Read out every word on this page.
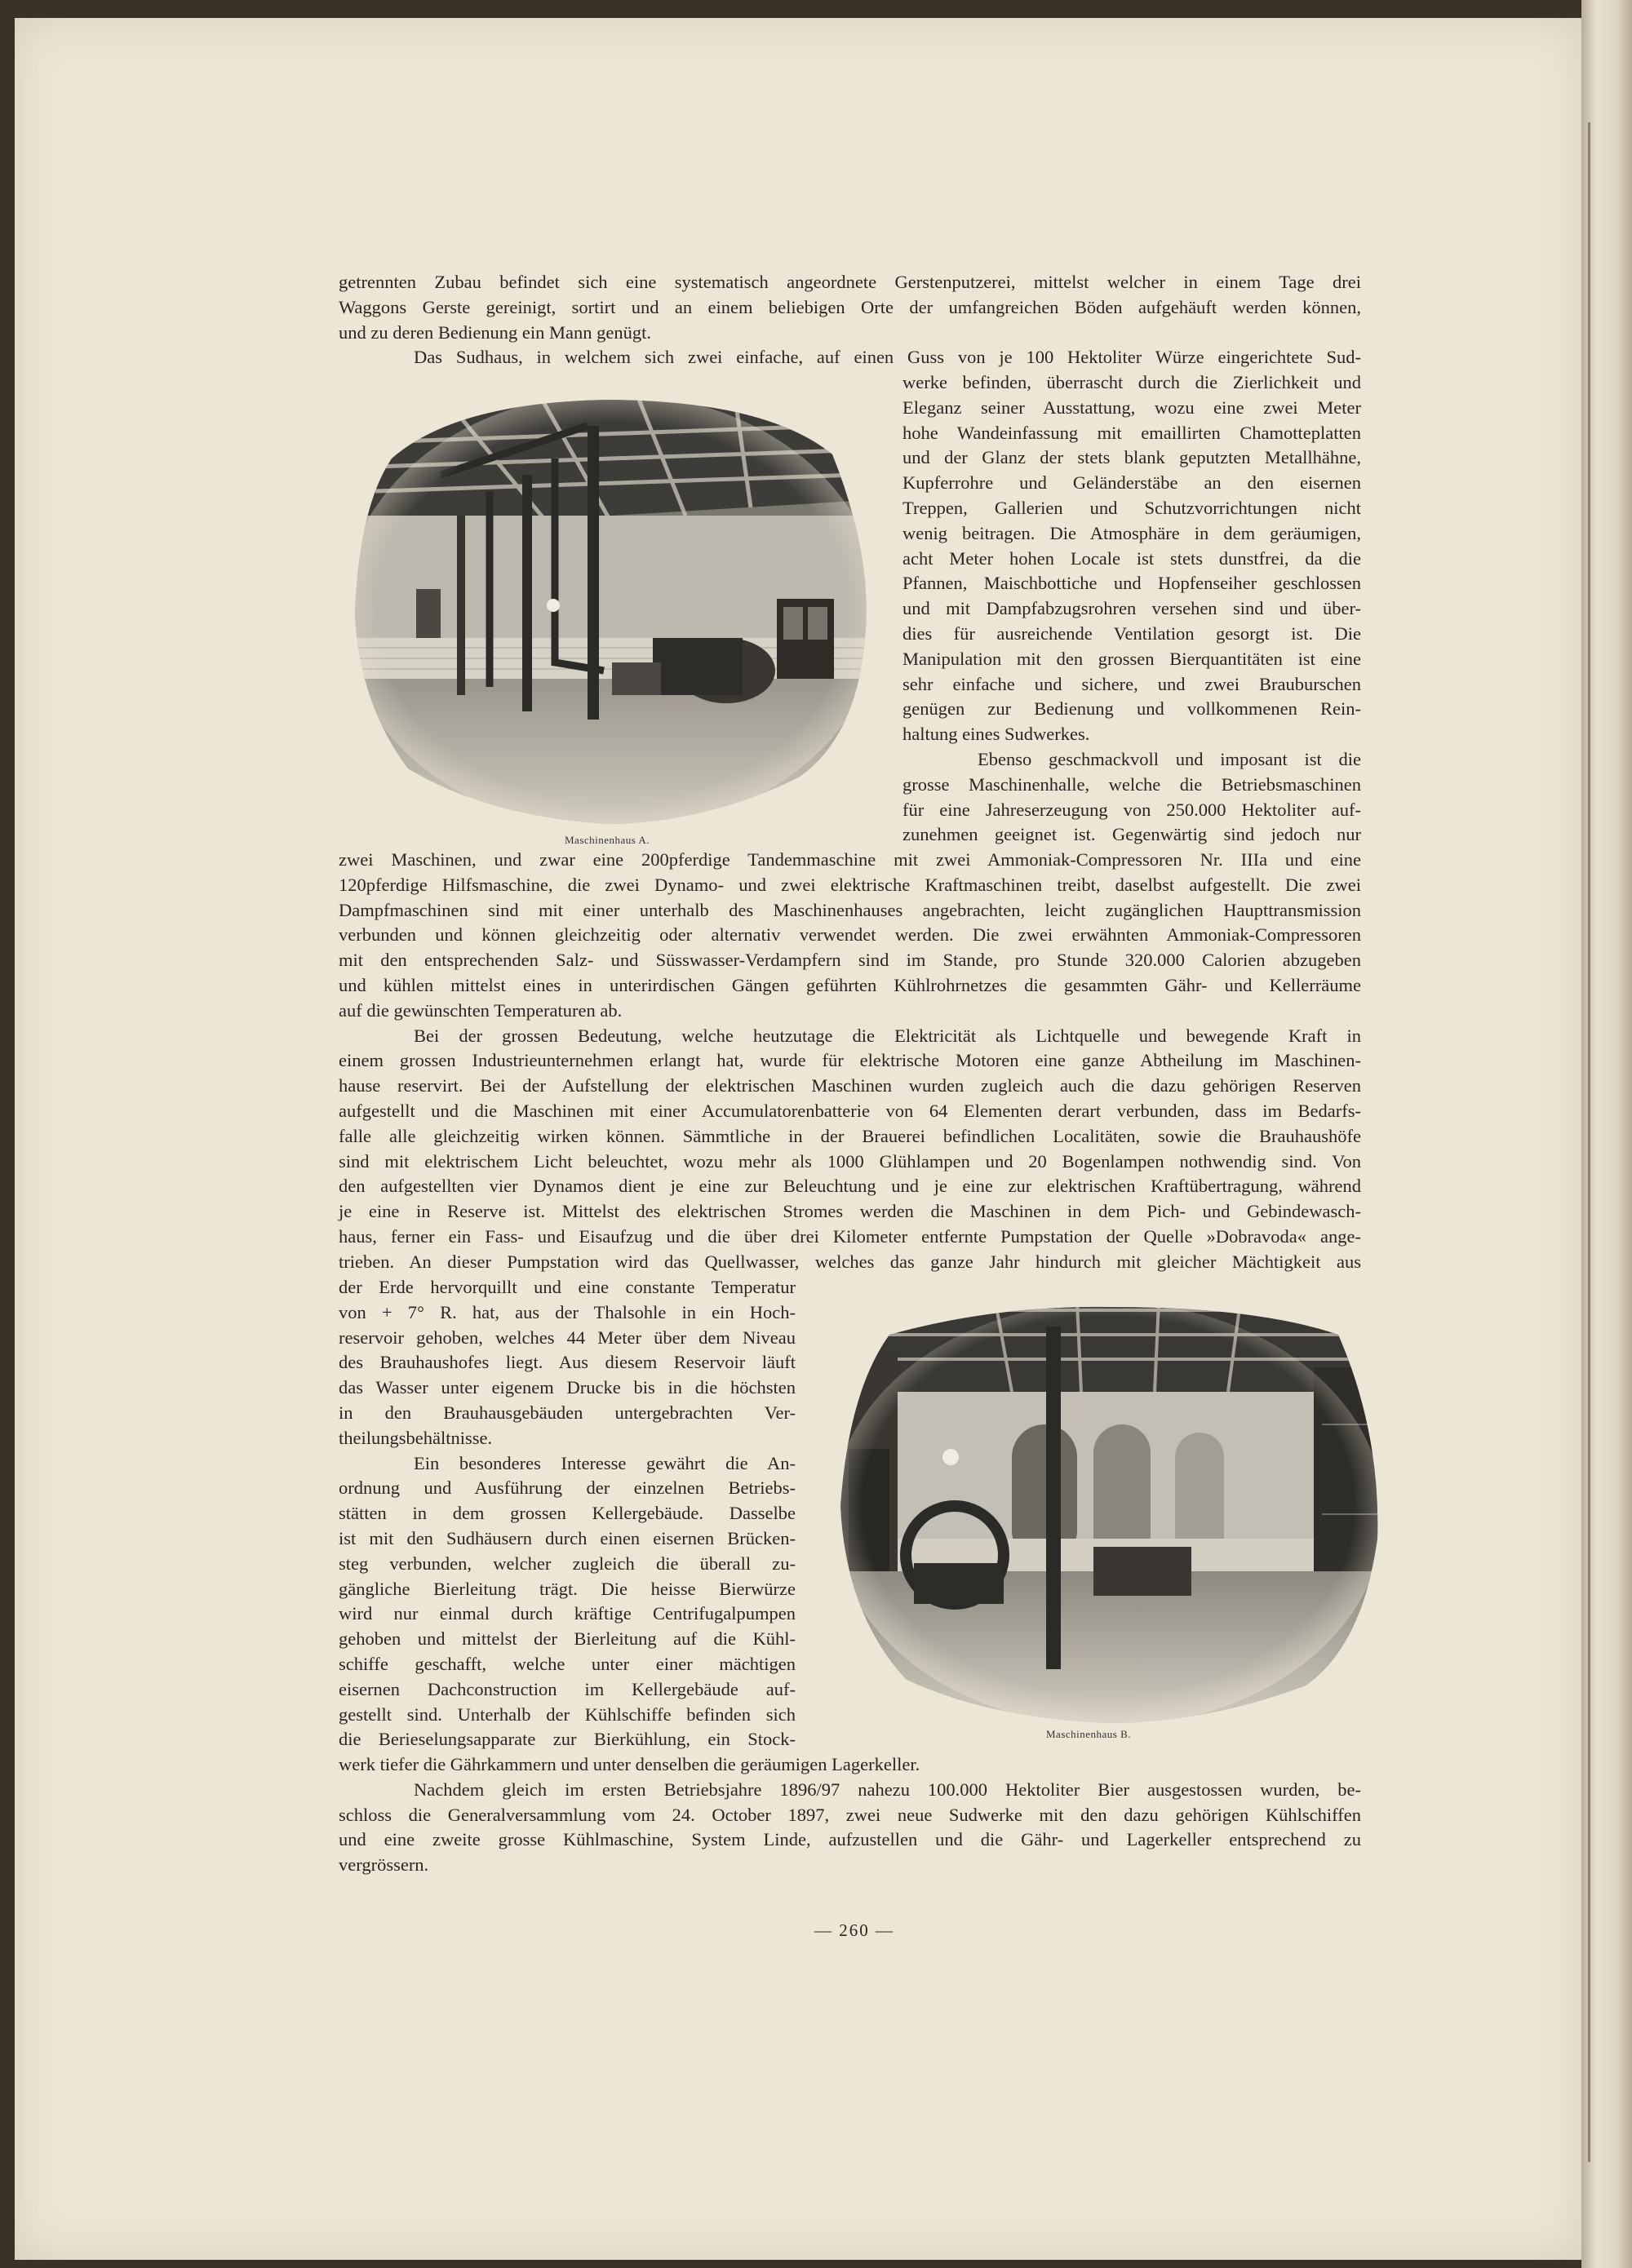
Maschinenhaus A.
Maschinenhaus B.
getrennten Zubau befindet sich eine systematisch angeordnete Gerstenputzerei, mittelst welcher in einem Tage drei
Waggons Gerste gereinigt, sortirt und an einem beliebigen Orte der umfangreichen Böden aufgehäuft werden können,
und zu deren Bedienung ein Mann genügt.
Das Sudhaus, in welchem sich zwei einfache, auf einen Guss von je 100 Hektoliter Würze eingerichtete Sud-
werke befinden, überrascht durch die Zierlichkeit und
Eleganz seiner Ausstattung, wozu eine zwei Meter
hohe Wandeinfassung mit emaillirten Chamotteplatten
und der Glanz der stets blank geputzten Metallhähne,
Kupferrohre und Geländerstäbe an den eisernen
Treppen, Gallerien und Schutzvorrichtungen nicht
wenig beitragen. Die Atmosphäre in dem geräumigen,
acht Meter hohen Locale ist stets dunstfrei, da die
Pfannen, Maischbottiche und Hopfenseiher geschlossen
und mit Dampfabzugsrohren versehen sind und über-
dies für ausreichende Ventilation gesorgt ist. Die
Manipulation mit den grossen Bierquantitäten ist eine
sehr einfache und sichere, und zwei Brauburschen
genügen zur Bedienung und vollkommenen Rein-
haltung eines Sudwerkes.
Ebenso geschmackvoll und imposant ist die
grosse Maschinenhalle, welche die Betriebsmaschinen
für eine Jahreserzeugung von 250.000 Hektoliter auf-
zunehmen geeignet ist. Gegenwärtig sind jedoch nur
zwei Maschinen, und zwar eine 200pferdige Tandemmaschine mit zwei Ammoniak-Compressoren Nr. IIIa und eine
120pferdige Hilfsmaschine, die zwei Dynamo- und zwei elektrische Kraftmaschinen treibt, daselbst aufgestellt. Die zwei
Dampfmaschinen sind mit einer unterhalb des Maschinenhauses angebrachten, leicht zugänglichen Haupttransmission
verbunden und können gleichzeitig oder alternativ verwendet werden. Die zwei erwähnten Ammoniak-Compressoren
mit den entsprechenden Salz- und Süsswasser-Verdampfern sind im Stande, pro Stunde 320.000 Calorien abzugeben
und kühlen mittelst eines in unterirdischen Gängen geführten Kühlrohrnetzes die gesammten Gähr- und Kellerräume
auf die gewünschten Temperaturen ab.
Bei der grossen Bedeutung, welche heutzutage die Elektricität als Lichtquelle und bewegende Kraft in
einem grossen Industrieunternehmen erlangt hat, wurde für elektrische Motoren eine ganze Abtheilung im Maschinen-
hause reservirt. Bei der Aufstellung der elektrischen Maschinen wurden zugleich auch die dazu gehörigen Reserven
aufgestellt und die Maschinen mit einer Accumulatorenbatterie von 64 Elementen derart verbunden, dass im Bedarfs-
falle alle gleichzeitig wirken können. Sämmtliche in der Brauerei befindlichen Localitäten, sowie die Brauhaushöfe
sind mit elektrischem Licht beleuchtet, wozu mehr als 1000 Glühlampen und 20 Bogenlampen nothwendig sind. Von
den aufgestellten vier Dynamos dient je eine zur Beleuchtung und je eine zur elektrischen Kraftübertragung, während
je eine in Reserve ist. Mittelst des elektrischen Stromes werden die Maschinen in dem Pich- und Gebindewasch-
haus, ferner ein Fass- und Eisaufzug und die über drei Kilometer entfernte Pumpstation der Quelle »Dobravoda« ange-
trieben. An dieser Pumpstation wird das Quellwasser, welches das ganze Jahr hindurch mit gleicher Mächtigkeit aus
der Erde hervorquillt und eine constante Temperatur
von + 7° R. hat, aus der Thalsohle in ein Hoch-
reservoir gehoben, welches 44 Meter über dem Niveau
des Brauhaushofes liegt. Aus diesem Reservoir läuft
das Wasser unter eigenem Drucke bis in die höchsten
in den Brauhausgebäuden untergebrachten Ver-
theilungsbehältnisse.
Ein besonderes Interesse gewährt die An-
ordnung und Ausführung der einzelnen Betriebs-
stätten in dem grossen Kellergebäude. Dasselbe
ist mit den Sudhäusern durch einen eisernen Brücken-
steg verbunden, welcher zugleich die überall zu-
gängliche Bierleitung trägt. Die heisse Bierwürze
wird nur einmal durch kräftige Centrifugalpumpen
gehoben und mittelst der Bierleitung auf die Kühl-
schiffe geschafft, welche unter einer mächtigen
eisernen Dachconstruction im Kellergebäude auf-
gestellt sind. Unterhalb der Kühlschiffe befinden sich
die Berieselungsapparate zur Bierkühlung, ein Stock-
werk tiefer die Gährkammern und unter denselben die geräumigen Lagerkeller.
Nachdem gleich im ersten Betriebsjahre 1896/97 nahezu 100.000 Hektoliter Bier ausgestossen wurden, be-
schloss die Generalversammlung vom 24. October 1897, zwei neue Sudwerke mit den dazu gehörigen Kühlschiffen
und eine zweite grosse Kühlmaschine, System Linde, aufzustellen und die Gähr- und Lagerkeller entsprechend zu
vergrössern.
— 260 —
